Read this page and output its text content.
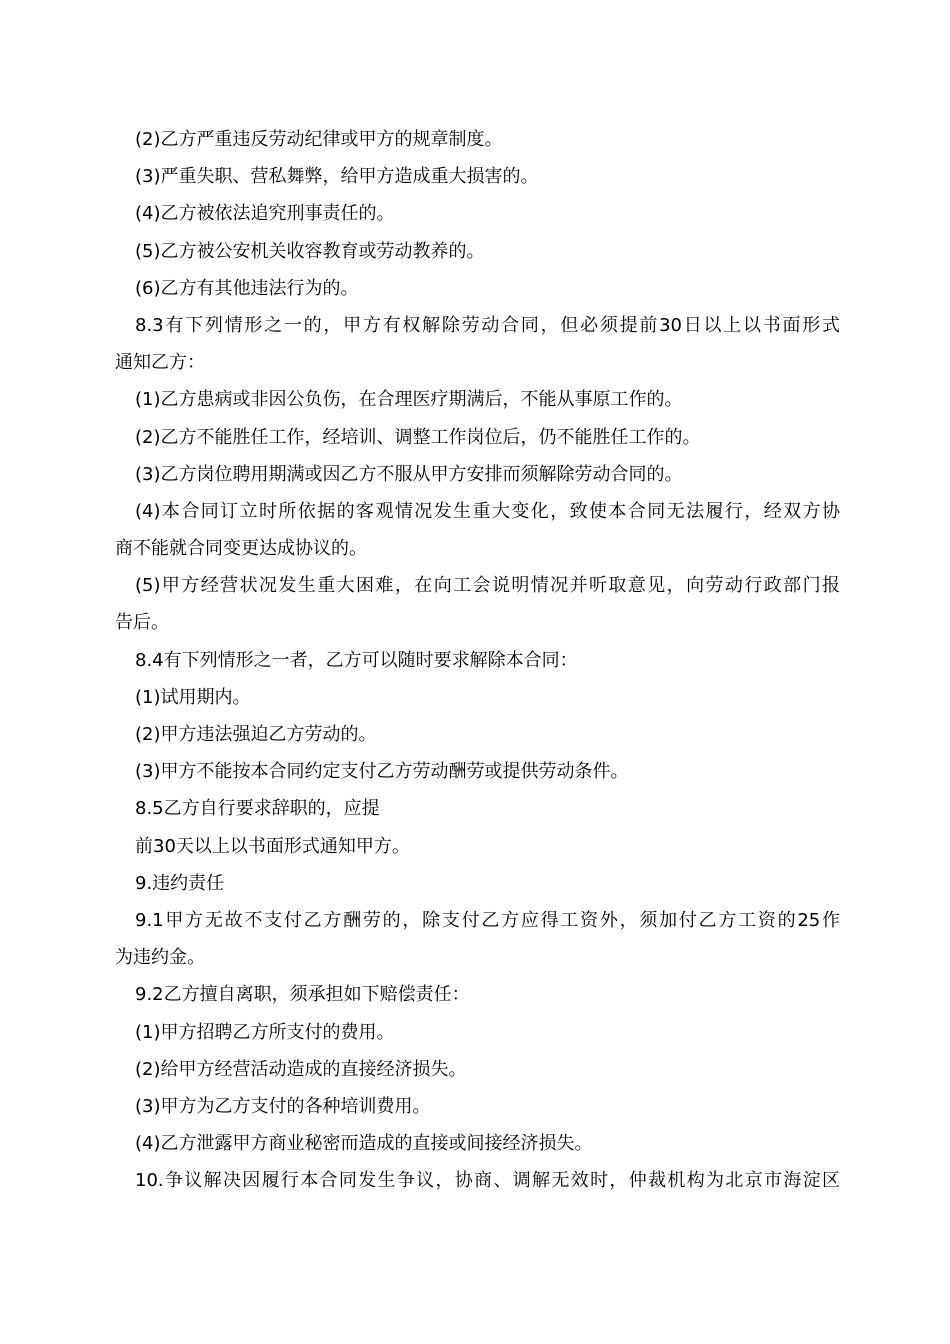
(2)乙方严重违反劳动纪律或甲方的规章制度。
(3)严重失职、营私舞弊，给甲方造成重大损害的。
(4)乙方被依法追究刑事责任的。
(5)乙方被公安机关收容教育或劳动教养的。
(6)乙方有其他违法行为的。
8.3有下列情形之一的，甲方有权解除劳动合同，但必须提前30日以上以书面形式
通知乙方：
(1)乙方患病或非因公负伤，在合理医疗期满后，不能从事原工作的。
(2)乙方不能胜任工作，经培训、调整工作岗位后，仍不能胜任工作的。
(3)乙方岗位聘用期满或因乙方不服从甲方安排而须解除劳动合同的。
(4)本合同订立时所依据的客观情况发生重大变化，致使本合同无法履行，经双方协
商不能就合同变更达成协议的。
(5)甲方经营状况发生重大困难，在向工会说明情况并听取意见，向劳动行政部门报
告后。
8.4有下列情形之一者，乙方可以随时要求解除本合同：
(1)试用期内。
(2)甲方违法强迫乙方劳动的。
(3)甲方不能按本合同约定支付乙方劳动酬劳或提供劳动条件。
8.5乙方自行要求辞职的，应提
前30天以上以书面形式通知甲方。
9.违约责任
9.1甲方无故不支付乙方酬劳的，除支付乙方应得工资外，须加付乙方工资的25作
为违约金。
9.2乙方擅自离职，须承担如下赔偿责任：
(1)甲方招聘乙方所支付的费用。
(2)给甲方经营活动造成的直接经济损失。
(3)甲方为乙方支付的各种培训费用。
(4)乙方泄露甲方商业秘密而造成的直接或间接经济损失。
10.争议解决因履行本合同发生争议，协商、调解无效时，仲裁机构为北京市海淀区
